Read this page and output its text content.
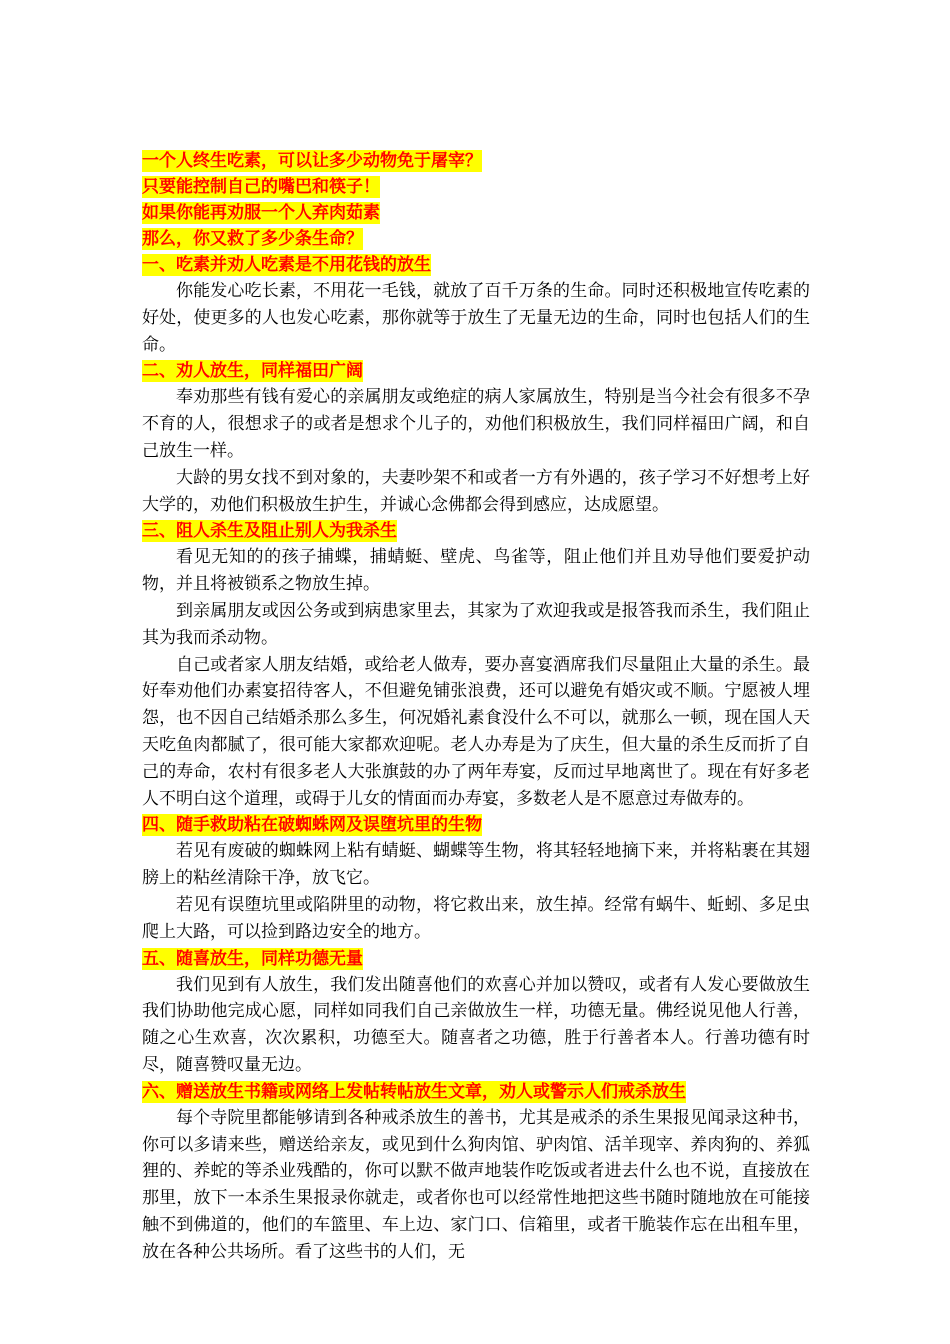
一个人终生吃素，可以让多少动物免于屠宰？
只要能控制自己的嘴巴和筷子！
如果你能再劝服一个人弃肉茹素
那么，你又救了多少条生命？
一、吃素并劝人吃素是不用花钱的放生

你能发心吃长素，不用花一毛钱，就放了百千万条的生命。同时还积极地宣传吃素的好处，使更多的人也发心吃素，那你就等于放生了无量无边的生命，同时也包括人们的生命。

二、劝人放生，同样福田广阔

奉劝那些有钱有爱心的亲属朋友或绝症的病人家属放生，特别是当今社会有很多不孕不育的人，很想求子的或者是想求个儿子的，劝他们积极放生，我们同样福田广阔，和自己放生一样。

大龄的男女找不到对象的，夫妻吵架不和或者一方有外遇的，孩子学习不好想考上好大学的，劝他们积极放生护生，并诚心念佛都会得到感应，达成愿望。

三、阻人杀生及阻止别人为我杀生

看见无知的的孩子捕蝶，捕蜻蜓、壁虎、鸟雀等，阻止他们并且劝导他们要爱护动物，并且将被锁系之物放生掉。

到亲属朋友或因公务或到病患家里去，其家为了欢迎我或是报答我而杀生，我们阻止其为我而杀动物。

自己或者家人朋友结婚，或给老人做寿，要办喜宴酒席我们尽量阻止大量的杀生。最好奉劝他们办素宴招待客人，不但避免铺张浪费，还可以避免有婚灾或不顺。宁愿被人埋怨，也不因自己结婚杀那么多生，何况婚礼素食没什么不可以，就那么一顿，现在国人天天吃鱼肉都腻了，很可能大家都欢迎呢。老人办寿是为了庆生，但大量的杀生反而折了自己的寿命，农村有很多老人大张旗鼓的办了两年寿宴，反而过早地离世了。现在有好多老人不明白这个道理，或碍于儿女的情面而办寿宴，多数老人是不愿意过寿做寿的。

四、随手救助粘在破蜘蛛网及误堕坑里的生物

若见有废破的蜘蛛网上粘有蜻蜓、蝴蝶等生物，将其轻轻地摘下来，并将粘裹在其翅膀上的粘丝清除干净，放飞它。

若见有误堕坑里或陷阱里的动物，将它救出来，放生掉。经常有蜗牛、蚯蚓、多足虫爬上大路，可以捡到路边安全的地方。

五、随喜放生，同样功德无量

我们见到有人放生，我们发出随喜他们的欢喜心并加以赞叹，或者有人发心要做放生我们协助他完成心愿，同样如同我们自己亲做放生一样，功德无量。佛经说见他人行善，随之心生欢喜，次次累积，功德至大。随喜者之功德，胜于行善者本人。行善功德有时尽，随喜赞叹量无边。

六、赠送放生书籍或网络上发帖转帖放生文章，劝人或警示人们戒杀放生

每个寺院里都能够请到各种戒杀放生的善书，尤其是戒杀的杀生果报见闻录这种书，你可以多请来些，赠送给亲友，或见到什么狗肉馆、驴肉馆、活羊现宰、养肉狗的、养狐狸的、养蛇的等杀业残酷的，你可以默不做声地装作吃饭或者进去什么也不说，直接放在那里，放下一本杀生果报录你就走，或者你也可以经常性地把这些书随时随地放在可能接触不到佛道的，他们的车篮里、车上边、家门口、信箱里，或者干脆装作忘在出租车里，放在各种公共场所。看了这些书的人们，无
